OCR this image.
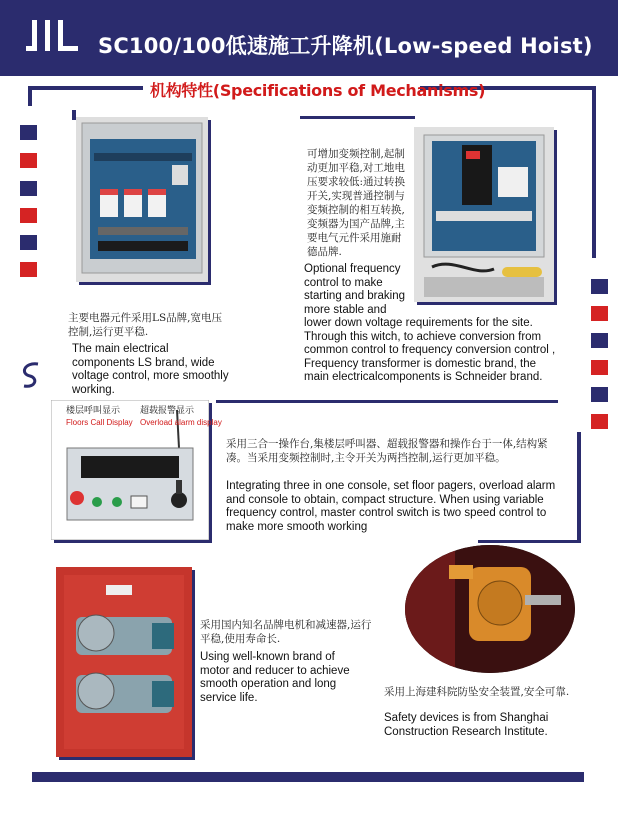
SC100/100低速施工升降机(Low-speed Hoist)
机构特性(Specifications of Mechanisms)
主要电器元件采用LS品牌,宽电压控制,运行更平稳.
The main electrical components LS brand, wide voltage control, more smoothly working.
可增加变频控制,起制动更加平稳,对工地电压要求较低:通过转换开关,实现普通控制与变频控制的相互转换,变频器为国产品牌,主要电气元件采用施耐德品牌.
Optional frequency control to make starting and braking more stable and
lower down voltage requirements for the site. Through this witch, to achieve conversion from common control to frequency conversion control , Frequency transformer is domestic brand, the main electricalcomponents is Schneider brand.
楼层呼叫显示
Floors Call Display
超载报警显示
Overload alarm display
采用三合一操作台,集楼层呼叫器、超载报警器和操作台于一体,结构紧凑。当采用变频控制时,主令开关为两挡控制,运行更加平稳。
Integrating three in one console, set floor pagers, overload alarm and console to obtain, compact structure. When using variable frequency control, master control switch is two speed control to make more smooth working
采用国内知名品牌电机和减速器,运行平稳,使用寿命长.
Using well-known brand of motor and reducer to achieve smooth operation and long service life.	采用上海建科院防坠安全装置,安全可靠.
Safety devices is from Shanghai Construction Research Institute.
